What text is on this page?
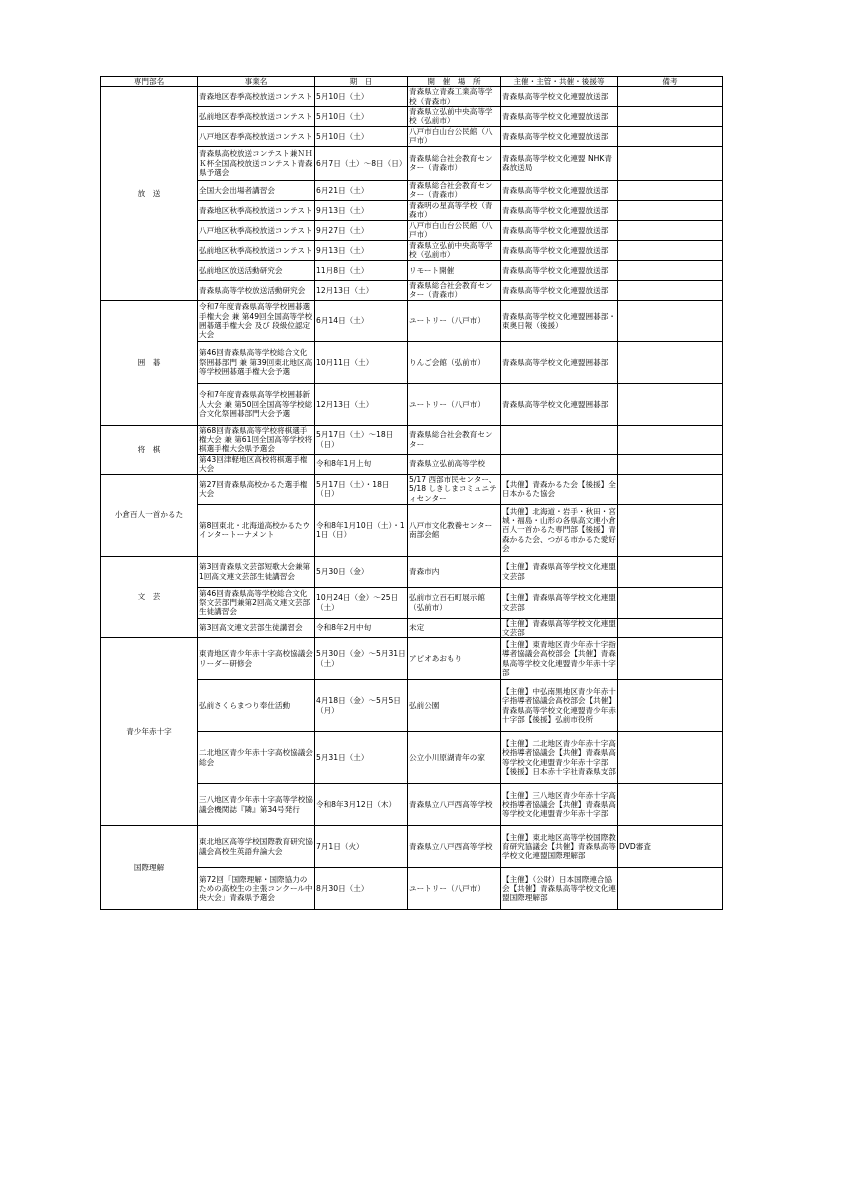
専門部名	事業名	期　日	開　催　場　所	主催・主管・共催・後援等	備考
放　送	青森地区春季高校放送コンテスト	5月10日（土）	青森県立青森工業高等学校（青森市）	青森県高等学校文化連盟放送部	
	弘前地区春季高校放送コンテスト	5月10日（土）	青森県立弘前中央高等学校（弘前市）	青森県高等学校文化連盟放送部	
	八戸地区春季高校放送コンテスト	5月10日（土）	八戸市白山台公民館（八戸市）	青森県高等学校文化連盟放送部	
	青森県高校放送コンテスト兼ＮＨＫ杯全国高校放送コンテスト青森県予選会	6月7日（土）～8日（日）	青森県総合社会教育センター（青森市）	青森県高等学校文化連盟 NHK青森放送局	
	全国大会出場者講習会	6月21日（土）	青森県総合社会教育センター（青森市）	青森県高等学校文化連盟放送部	
	青森地区秋季高校放送コンテスト	9月13日（土）	青森明の星高等学校（青森市）	青森県高等学校文化連盟放送部	
	八戸地区秋季高校放送コンテスト	9月27日（土）	八戸市白山台公民館（八戸市）	青森県高等学校文化連盟放送部	
	弘前地区秋季高校放送コンテスト	9月13日（土）	青森県立弘前中央高等学校（弘前市）	青森県高等学校文化連盟放送部	
	弘前地区放送活動研究会	11月8日（土）	リモート開催	青森県高等学校文化連盟放送部	
	青森県高等学校放送活動研究会	12月13日（土）	青森県総合社会教育センター（青森市）	青森県高等学校文化連盟放送部	
囲　碁	令和7年度青森県高等学校囲碁選手権大会 兼 第49回全国高等学校囲碁選手権大会 及び 段級位認定大会	6月14日（土）	ユートリー（八戸市）	青森県高等学校文化連盟囲碁部・東奥日報（後援）	
	第46回青森県高等学校総合文化祭囲碁部門 兼 第39回東北地区高等学校囲碁選手権大会予選	10月11日（土）	りんご会館（弘前市）	青森県高等学校文化連盟囲碁部	
	令和7年度青森県高等学校囲碁新人大会 兼 第50回全国高等学校総合文化祭囲碁部門大会予選	12月13日（土）	ユートリー（八戸市）	青森県高等学校文化連盟囲碁部	
将　棋	第68回青森県高等学校将棋選手権大会 兼 第61回全国高等学校将棋選手権大会県予選会	5月17日（土）～18日（日）	青森県総合社会教育センター		
	第43回津軽地区高校将棋選手権大会	令和8年1月上旬	青森県立弘前高等学校		
小倉百人一首かるた	第27回青森県高校かるた選手権大会	5月17日（土）・18日（日）	5/17 西部市民センター、5/18 しきしまコミュニティセンター	【共催】青森かるた会【後援】全日本かるた協会	
	第8回東北・北海道高校かるたウインタートーナメント	令和8年1月10日（土）・11日（日）	八戸市文化教養センター南部会館	【共催】北海道・岩手・秋田・宮城・福島・山形の各県高文連小倉百人一首かるた専門部【後援】青森かるた会、つがる市かるた愛好会	
文　芸	第3回青森県文芸部短歌大会兼第1回高文連文芸部生徒講習会	5月30日（金）	青森市内	【主催】青森県高等学校文化連盟文芸部	
	第46回青森県高等学校総合文化祭文芸部門兼第2回高文連文芸部生徒講習会	10月24日（金）～25日（土）	弘前市立百石町展示館（弘前市）	【主催】青森県高等学校文化連盟文芸部	
	第3回高文連文芸部生徒講習会	令和8年2月中旬	未定	【主催】青森県高等学校文化連盟文芸部	
青少年赤十字	東青地区青少年赤十字高校協議会リーダー研修会	5月30日（金）～5月31日（土）	アピオあおもり	【主催】東青地区青少年赤十字指導者協議会高校部会【共催】青森県高等学校文化連盟青少年赤十字部	
	弘前さくらまつり奉仕活動	4月18日（金）～5月5日（月）	弘前公園	【主催】中弘南黒地区青少年赤十字指導者協議会高校部会【共催】青森県高等学校文化連盟青少年赤十字部【後援】弘前市役所	
	二北地区青少年赤十字高校協議会総会	5月31日（土）	公立小川原湖青年の家	【主催】二北地区青少年赤十字高校指導者協議会【共催】青森県高等学校文化連盟青少年赤十字部【後援】日本赤十字社青森県支部	
	三八地区青少年赤十字高等学校協議会機関誌『隣』第34号発行	令和8年3月12日（木）	青森県立八戸西高等学校	【主催】三八地区青少年赤十字高校指導者協議会【共催】青森県高等学校文化連盟青少年赤十字部	
国際理解	東北地区高等学校国際教育研究協議会高校生英語弁論大会	7月1日（火）	青森県立八戸西高等学校	【主催】東北地区高等学校国際教育研究協議会【共催】青森県高等学校文化連盟国際理解部	DVD審査
	第72回「国際理解・国際協力のための高校生の主張コンクール中央大会」青森県予選会	8月30日（土）	ユートリー（八戸市）	【主催】（公財）日本国際連合協会【共催】青森県高等学校文化連盟国際理解部	
